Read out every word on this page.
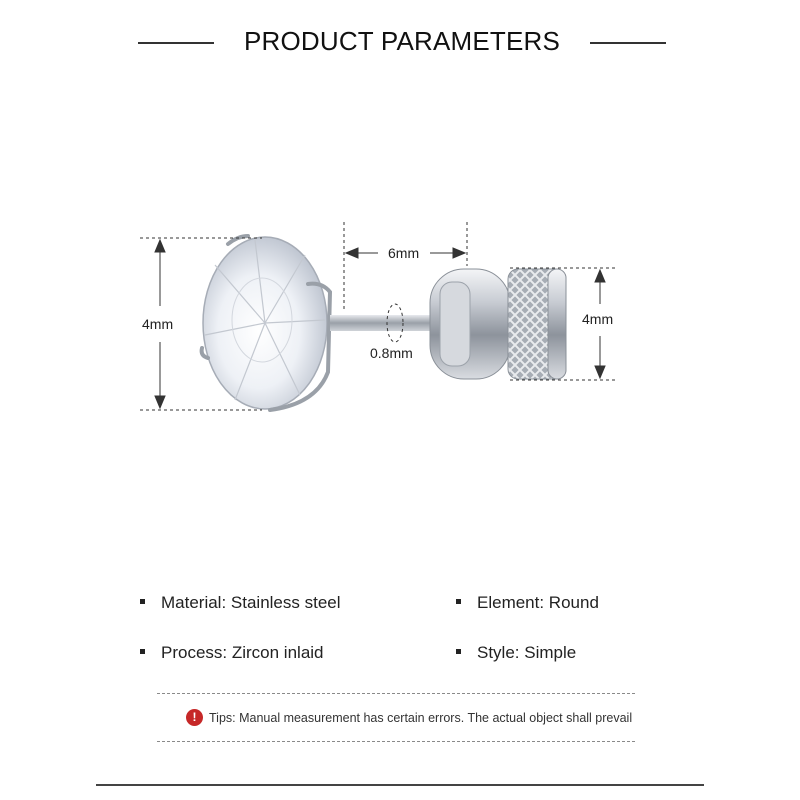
PRODUCT PARAMETERS
4mm
6mm
0.8mm
4mm
Material: Stainless steel	Element: Round
Process: Zircon inlaid	Style: Simple
!	Tips: Manual measurement has certain errors. The actual object shall prevail
